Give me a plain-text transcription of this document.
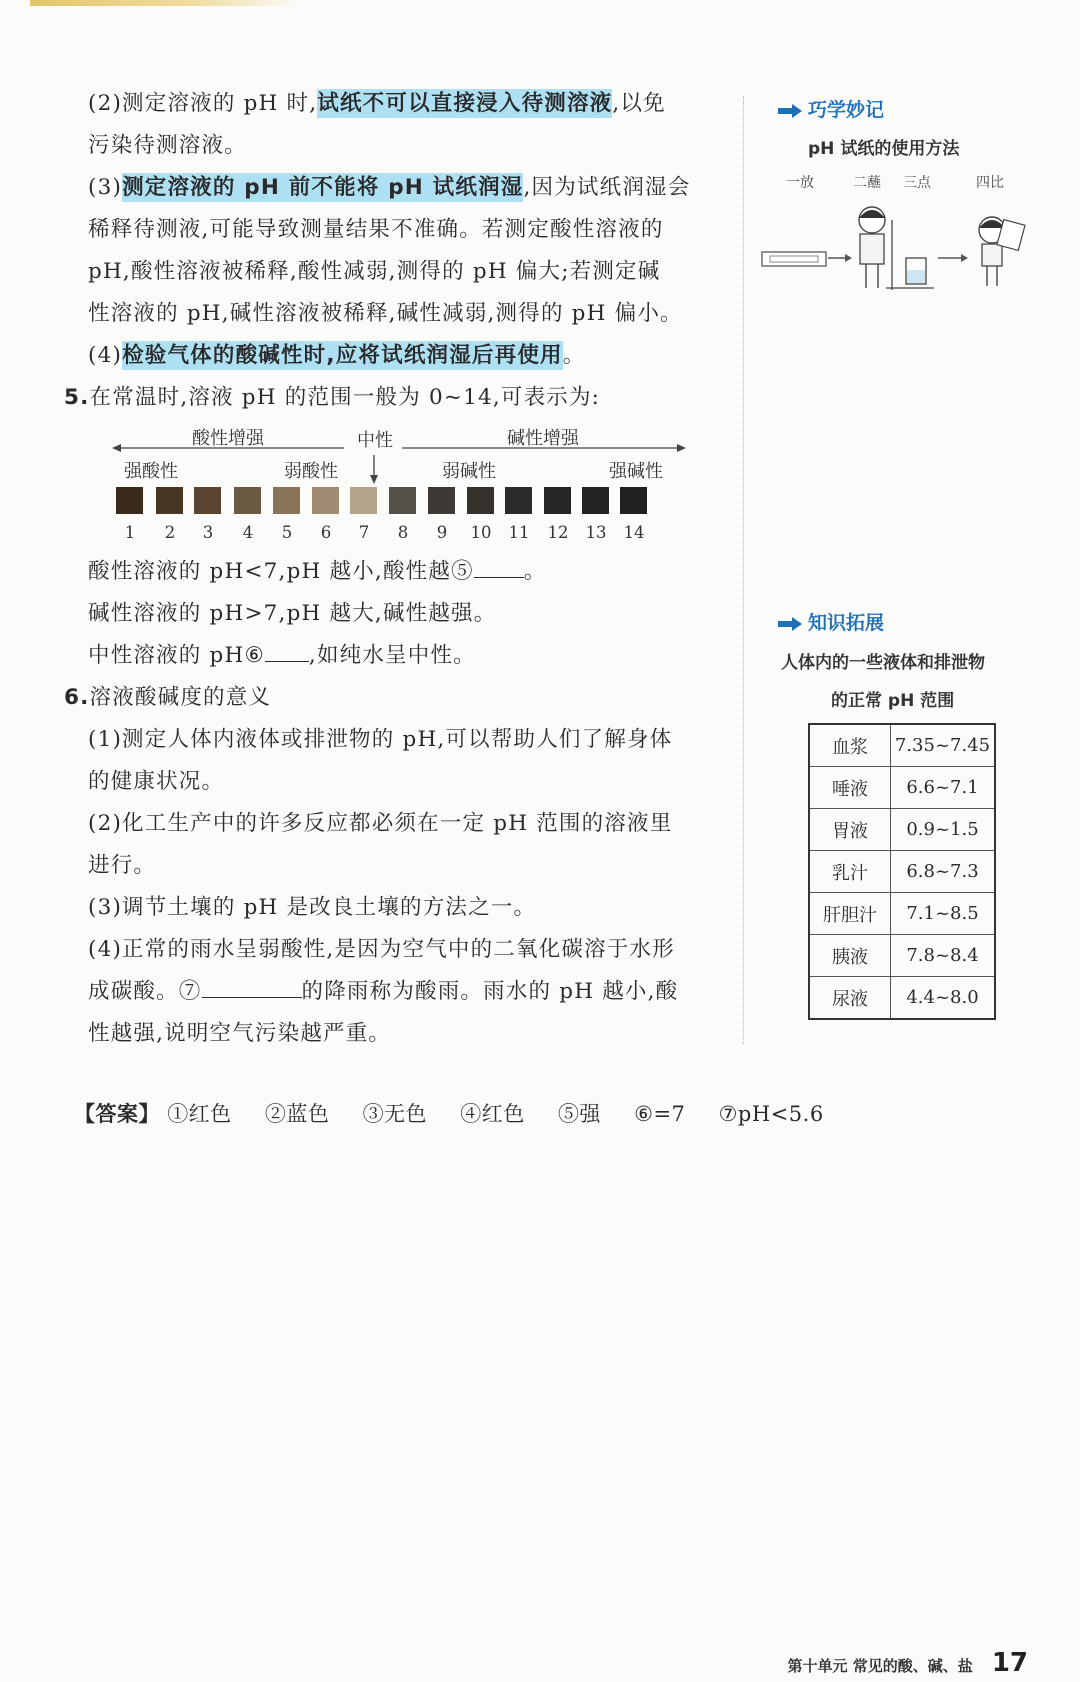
(2)测定溶液的 pH 时,试纸不可以直接浸入待测溶液,以免
污染待测溶液。
(3)测定溶液的 pH 前不能将 pH 试纸润湿,因为试纸润湿会
稀释待测液,可能导致测量结果不准确。若测定酸性溶液的
pH,酸性溶液被稀释,酸性减弱,测得的 pH 偏大;若测定碱
性溶液的 pH,碱性溶液被稀释,碱性减弱,测得的 pH 偏小。
(4)检验气体的酸碱性时,应将试纸润湿后再使用。
5.在常温时,溶液 pH 的范围一般为 0~14,可表示为:
酸性增强	中性	碱性增强
强酸性	弱酸性	弱碱性	强碱性
1	2	3	4	5	6	7	8	9	10 11 12 13 14
酸性溶液的 pH<7,pH 越小,酸性越⑤ 。
碱性溶液的 pH>7,pH 越大,碱性越强。
中性溶液的 pH⑥ ,如纯水呈中性。
6.溶液酸碱度的意义
(1)测定人体内液体或排泄物的 pH,可以帮助人们了解身体
的健康状况。
(2)化工生产中的许多反应都必须在一定 pH 范围的溶液里
进行。
(3)调节土壤的 pH 是改良土壤的方法之一。
(4)正常的雨水呈弱酸性,是因为空气中的二氧化碳溶于水形
成碳酸。⑦	的降雨称为酸雨。雨水的 pH 越小,酸
性越强,说明空气污染越严重。
巧学妙记
pH 试纸的使用方法
一放	二蘸 三点	四比
知识拓展
人体内的一些液体和排泄物
的正常 pH 范围
血浆	7.35~7.45
唾液	6.6~7.1
胃液	0.9~1.5
乳汁	6.8~7.3
肝胆汁	7.1~8.5
胰液	7.8~8.4
尿液	4.4~8.0
【答案】 ①红色 ②蓝色 ③无色 ④红色 ⑤强 ⑥=7 ⑦pH<5.6
第十单元 常见的酸、碱、盐 17
